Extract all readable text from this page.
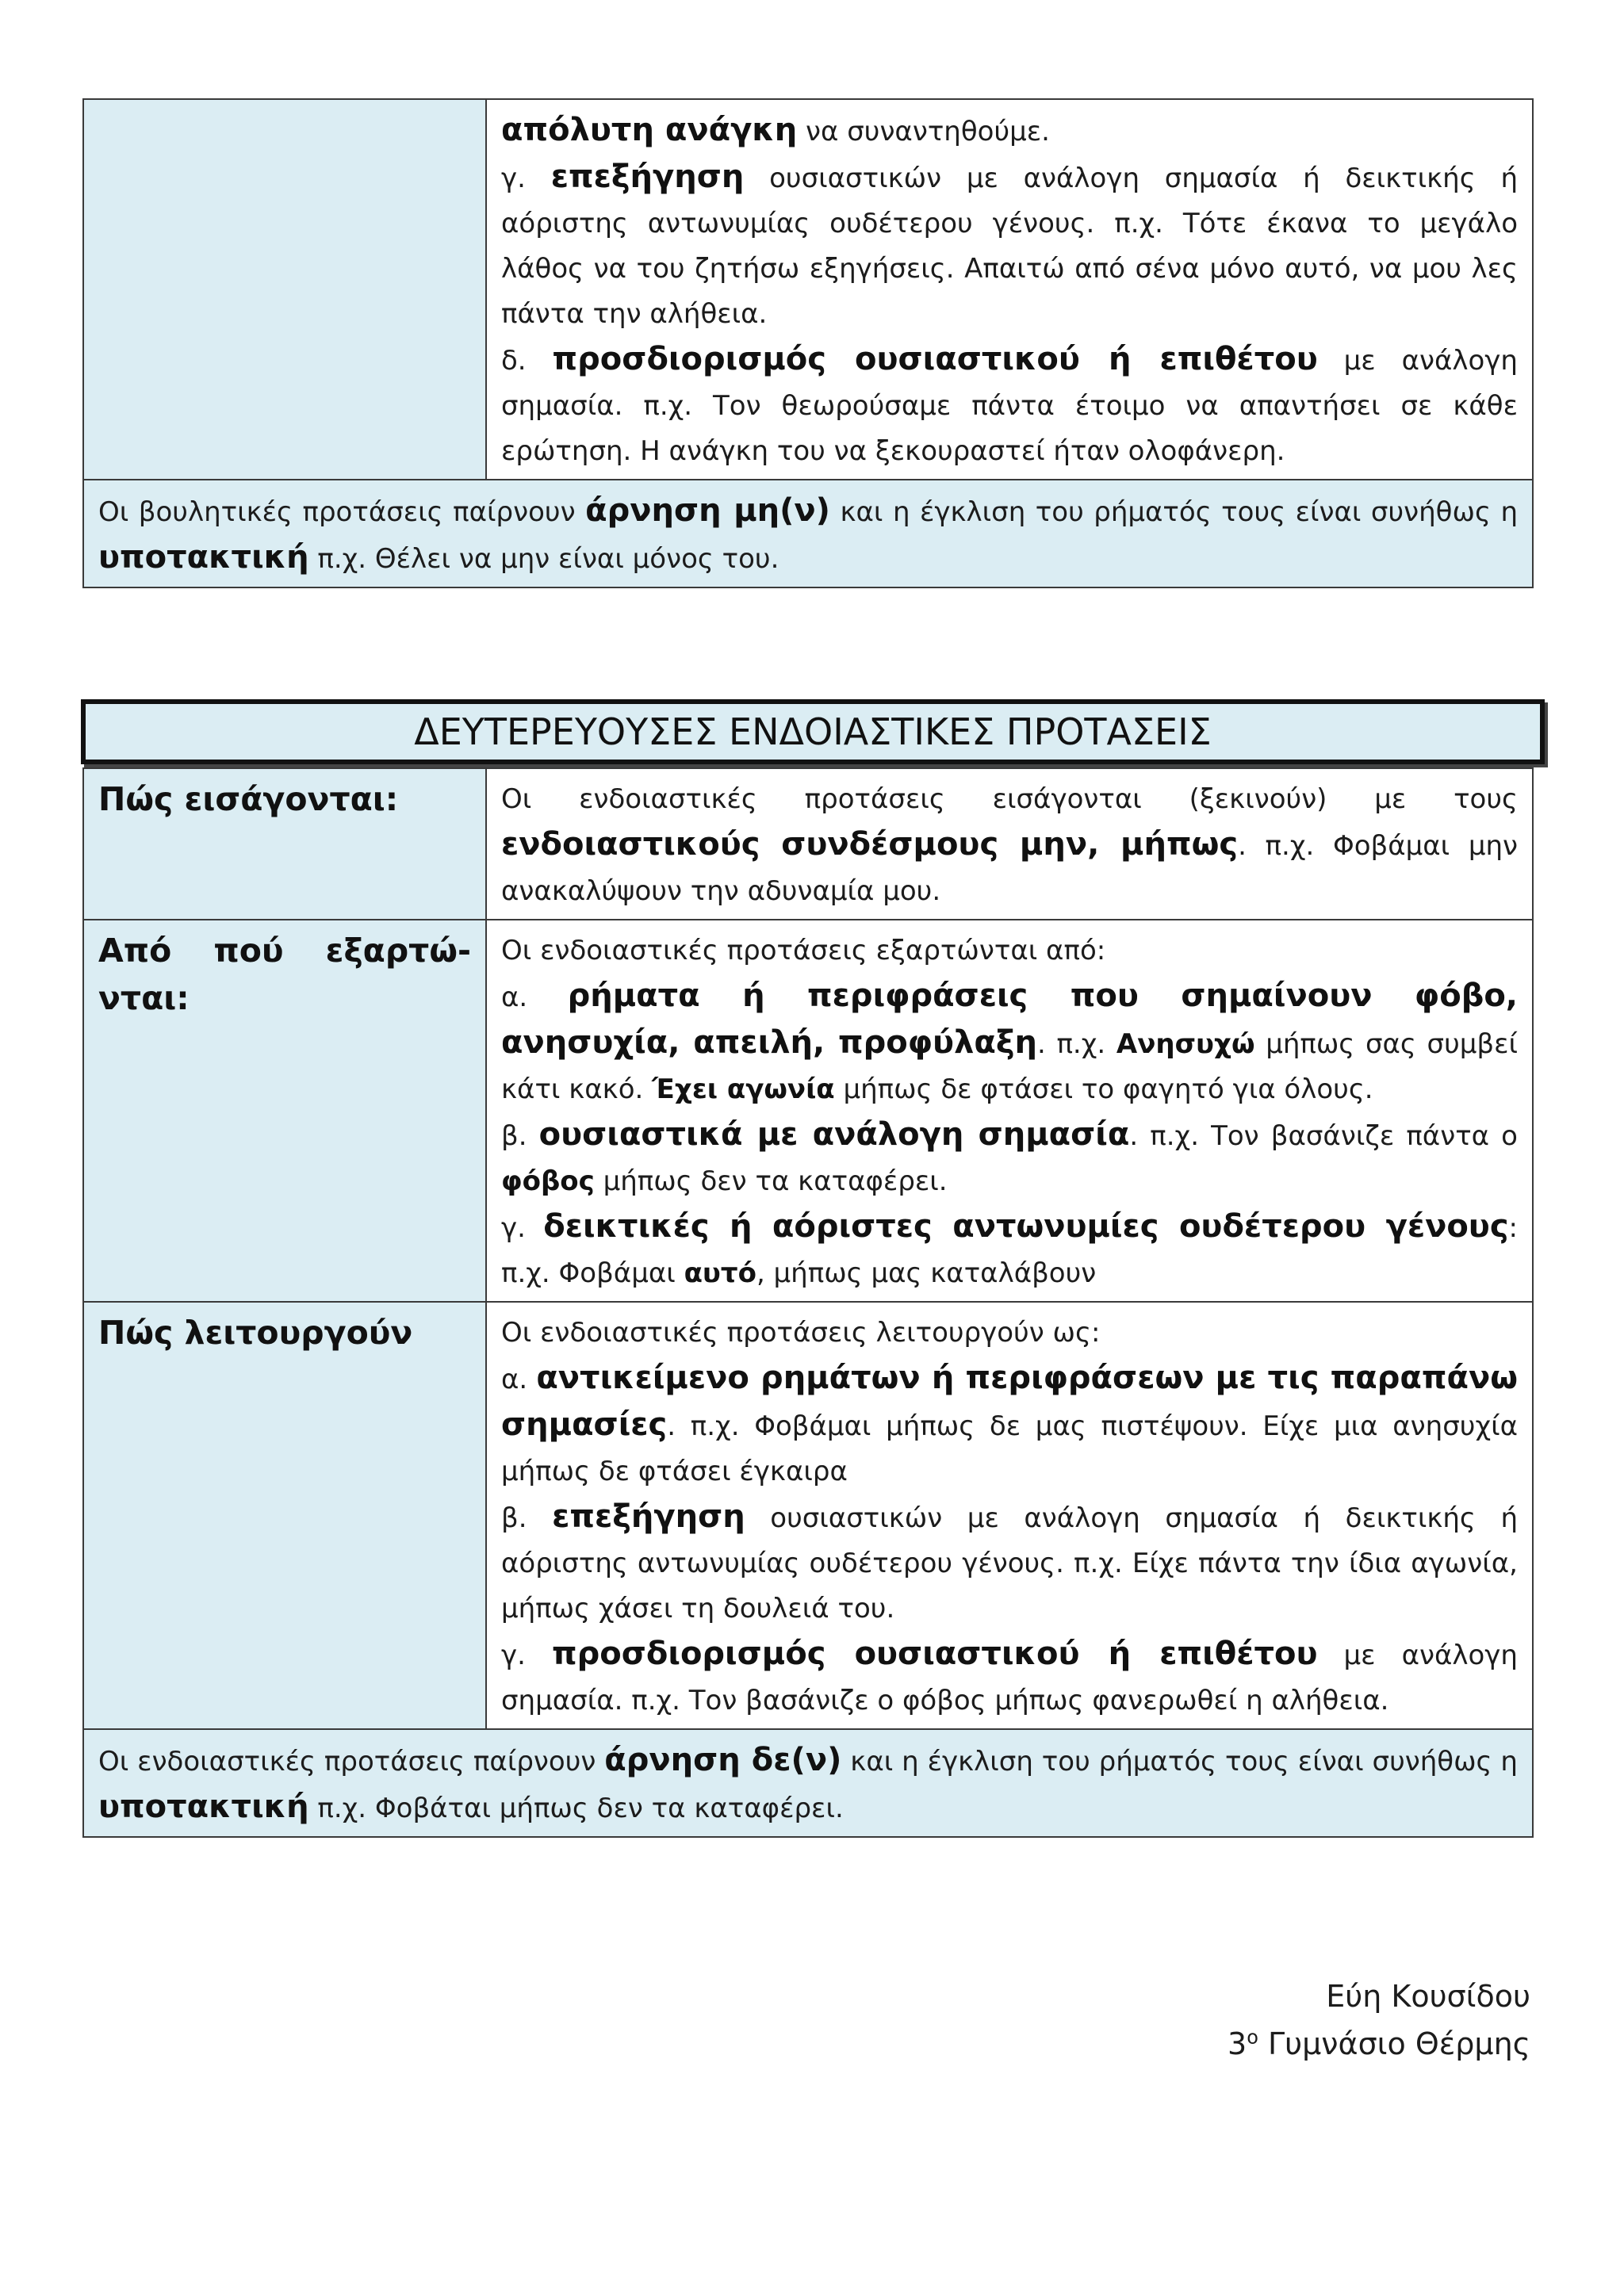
απόλυτη ανάγκη να συναντηθούμε.
γ. επεξήγηση ουσιαστικών με ανάλογη σημασία ή δεικτικής ή αόριστης αντωνυμίας ουδέτερου γένους. π.χ. Τότε έκανα το μεγάλο λάθος να του ζητήσω εξηγήσεις. Απαιτώ από σένα μόνο αυτό, να μου λες πάντα την αλήθεια.
δ. προσδιορισμός ουσιαστικού ή επιθέτου με ανάλογη σημασία. π.χ. Τον θεωρούσαμε πάντα έτοιμο να απαντήσει σε κάθε ερώτηση. Η ανάγκη του να ξεκουραστεί ήταν ολοφάνερη.

Οι βουλητικές προτάσεις παίρνουν άρνηση μη(ν) και η έγκλιση του ρήματός τους είναι συνήθως η υποτακτική π.χ. Θέλει να μην είναι μόνος του.
ΔΕΥΤΕΡΕΥΟΥΣΕΣ ΕΝΔΟΙΑΣΤΙΚΕΣ ΠΡΟΤΑΣΕΙΣ
Πώς εισάγονται:	Οι ενδοιαστικές προτάσεις εισάγονται (ξεκινούν) με τους ενδοιαστικούς συνδέσμους μην, μήπως. π.χ. Φοβάμαι μην ανακαλύψουν την αδυναμία μου.

Από πού εξαρτώ- νται:	Οι ενδοιαστικές προτάσεις εξαρτώνται από:
α. ρήματα ή περιφράσεις που σημαίνουν φόβο, ανησυχία, απειλή, προφύλαξη. π.χ. Ανησυχώ μήπως σας συμβεί κάτι κακό. Έχει αγωνία μήπως δε φτάσει το φαγητό για όλους.
β. ουσιαστικά με ανάλογη σημασία. π.χ. Τον βασάνιζε πάντα ο φόβος μήπως δεν τα καταφέρει.
γ. δεικτικές ή αόριστες αντωνυμίες ουδέτερου γένους: π.χ. Φοβάμαι αυτό, μήπως μας καταλάβουν

Πώς λειτουργούν	Οι ενδοιαστικές προτάσεις λειτουργούν ως:
α. αντικείμενο ρημάτων ή περιφράσεων με τις παραπάνω σημασίες. π.χ. Φοβάμαι μήπως δε μας πιστέψουν. Είχε μια ανησυχία μήπως δε φτάσει έγκαιρα
β. επεξήγηση ουσιαστικών με ανάλογη σημασία ή δεικτικής ή αόριστης αντωνυμίας ουδέτερου γένους. π.χ. Είχε πάντα την ίδια αγωνία, μήπως χάσει τη δουλειά του.
γ. προσδιορισμός ουσιαστικού ή επιθέτου με ανάλογη σημασία. π.χ. Τον βασάνιζε ο φόβος μήπως φανερωθεί η αλήθεια.

Οι ενδοιαστικές προτάσεις παίρνουν άρνηση δε(ν) και η έγκλιση του ρήματός τους είναι συνήθως η υποτακτική π.χ. Φοβάται μήπως δεν τα καταφέρει.	
Εύη Κουσίδου
$3^o$ Γυμνάσιο Θέρμης
